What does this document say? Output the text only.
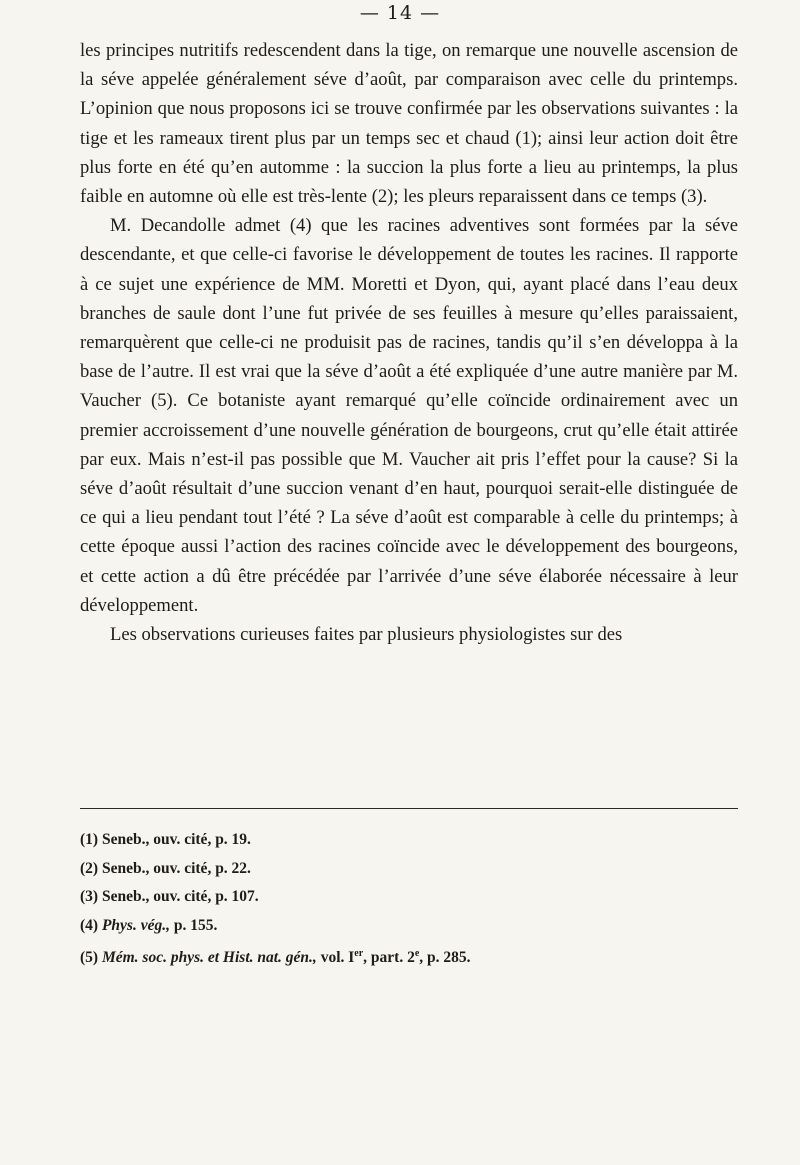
— 14 —

les principes nutritifs redescendent dans la tige, on remarque une nouvelle ascension de la séve appelée généralement séve d’août, par comparaison avec celle du printemps. L’opinion que nous proposons ici se trouve confirmée par les observations suivantes : la tige et les rameaux tirent plus par un temps sec et chaud (1); ainsi leur action doit être plus forte en été qu’en automme : la succion la plus forte a lieu au printemps, la plus faible en automne où elle est très-lente (2); les pleurs reparaissent dans ce temps (3).

M. Decandolle admet (4) que les racines adventives sont formées par la séve descendante, et que celle-ci favorise le développement de toutes les racines. Il rapporte à ce sujet une expérience de MM. Moretti et Dyon, qui, ayant placé dans l’eau deux branches de saule dont l’une fut privée de ses feuilles à mesure qu’elles paraissaient, remarquèrent que celle-ci ne produisit pas de racines, tandis qu’il s’en développa à la base de l’autre. Il est vrai que la séve d’août a été expliquée d’une autre manière par M. Vaucher (5). Ce botaniste ayant remarqué qu’elle coïncide ordinairement avec un premier accroissement d’une nouvelle génération de bourgeons, crut qu’elle était attirée par eux. Mais n’est-il pas possible que M. Vaucher ait pris l’effet pour la cause? Si la séve d’août résultait d’une succion venant d’en haut, pourquoi serait-elle distinguée de ce qui a lieu pendant tout l’été ? La séve d’août est comparable à celle du printemps; à cette époque aussi l’action des racines coïncide avec le développement des bourgeons, et cette action a dû être précédée par l’arrivée d’une séve élaborée nécessaire à leur développement.

Les observations curieuses faites par plusieurs physiologistes sur des

(1) Seneb., ouv. cité, p. 19.
(2) Seneb., ouv. cité, p. 22.
(3) Seneb., ouv. cité, p. 107.
(4) Phys. vég., p. 155.
(5) Mém. soc. phys. et Hist. nat. gén., vol. Ier, part. 2e, p. 285.
